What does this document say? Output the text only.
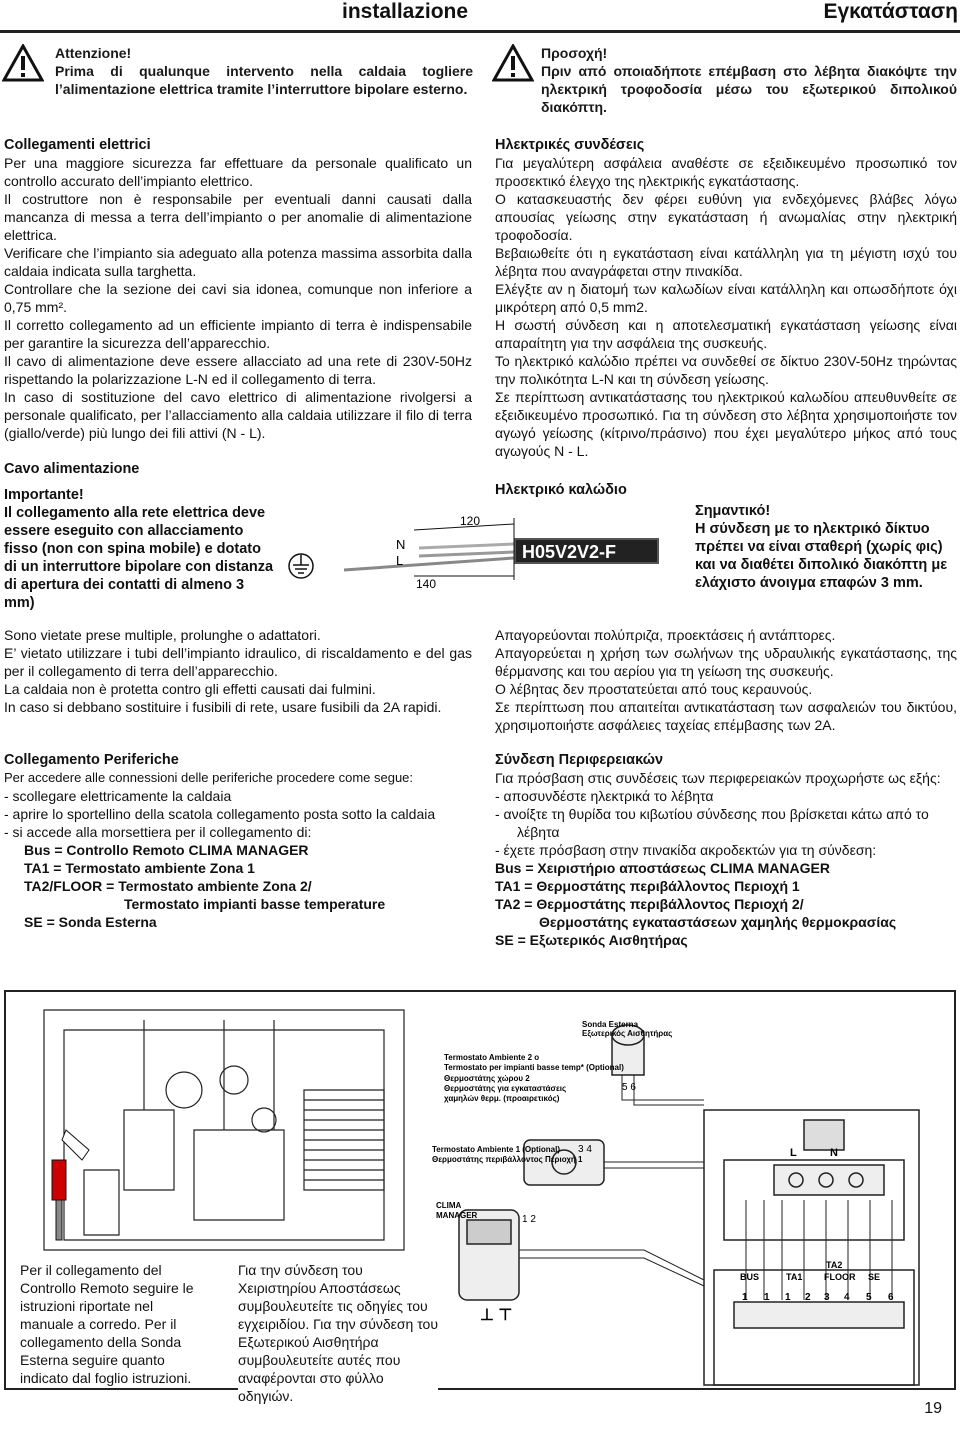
installazione	Εγκατάσταση
Attenzione!

Prima di qualunque intervento nella caldaia togliere l’alimentazione elettrica tramite l’interruttore bipolare esterno.

Προσοχή!

Πριν από οποιαδήποτε επέμβαση στο λέβητα διακόψτε την ηλεκτρική τροφοδοσία μέσω του εξωτερικού διπολικού διακόπτη.

Collegamenti elettrici

Per una maggiore sicurezza far effettuare da personale qualificato un controllo accurato dell’impianto elettrico.

Il costruttore non è responsabile per eventuali danni causati dalla mancanza di messa a terra dell’impianto o per anomalie di alimentazione elettrica.

Verificare che l’impianto sia adeguato alla potenza massima assorbita dalla caldaia indicata sulla targhetta.

Controllare che la sezione dei cavi sia idonea, comunque non inferiore a 0,75 mm².

Il corretto collegamento ad un efficiente impianto di terra è indispensabile per garantire la sicurezza dell’apparecchio.

Il cavo di alimentazione deve essere allacciato ad una rete di 230V-50Hz rispettando la polarizzazione L-N ed il collegamento di terra.

In caso di sostituzione del cavo elettrico di alimentazione rivolgersi a personale qualificato, per l’allacciamento alla caldaia utilizzare il filo di terra (giallo/verde) più lungo dei fili attivi (N - L).

Ηλεκτρικές συνδέσεις

Για μεγαλύτερη ασφάλεια αναθέστε σε εξειδικευμένο προσωπικό τον προσεκτικό έλεγχο της ηλεκτρικής εγκατάστασης.

Ο κατασκευαστής δεν φέρει ευθύνη για ενδεχόμενες βλάβες λόγω απουσίας γείωσης στην εγκατάσταση ή ανωμαλίας στην ηλεκτρική τροφοδοσία.

Βεβαιωθείτε ότι η εγκατάσταση είναι κατάλληλη για τη μέγιστη ισχύ του λέβητα που αναγράφεται στην πινακίδα.

Ελέγξτε αν η διατομή των καλωδίων είναι κατάλληλη και οπωσδήποτε όχι μικρότερη από 0,5 mm2.

Η σωστή σύνδεση και η αποτελεσματική εγκατάσταση γείωσης είναι απαραίτητη για την ασφάλεια της συσκευής.

Το ηλεκτρικό καλώδιο πρέπει να συνδεθεί σε δίκτυο 230V-50Hz τηρώντας την πολικότητα L-N και τη σύνδεση γείωσης.

Σε περίπτωση αντικατάστασης του ηλεκτρικού καλωδίου απευθυνθείτε σε εξειδικευμένο προσωπικό. Για τη σύνδεση στο λέβητα χρησιμοποιήστε τον αγωγό γείωσης (κίτρινο/πράσινο) που έχει μεγαλύτερο μήκος από τους αγωγούς N - L.

Cavo alimentazione
Importante!
Il collegamento alla rete elettrica deve essere eseguito con allacciamento fisso (non con spina mobile) e dotato di un interruttore bipolare con distanza di apertura dei contatti di almeno 3 mm)
Ηλεκτρικό καλώδιο
Σημαντικό!
Η σύνδεση με το ηλεκτρικό δίκτυο πρέπει να είναι σταθερή (χωρίς φις) και να διαθέτει διπολικό διακόπτη με ελάχιστο άνοιγμα επαφών 3 mm.
N
L
120
140
H05V2V2-F

Sono vietate prese multiple, prolunghe o adattatori.

E’ vietato utilizzare i tubi dell’impianto idraulico, di riscaldamento e del gas per il collegamento di terra dell’apparecchio.

La caldaia non è protetta contro gli effetti causati dai fulmini.

In caso si debbano sostituire i fusibili di rete, usare fusibili da 2A rapidi.

Απαγορεύονται πολύπριζα, προεκτάσεις ή αντάπτορες.

Απαγορεύεται η χρήση των σωλήνων της υδραυλικής εγκατάστασης, της θέρμανσης και του αερίου για τη γείωση της συσκευής.

Ο λέβητας δεν προστατεύεται από τους κεραυνούς.

Σε περίπτωση που απαιτείται αντικατάσταση των ασφαλειών του δικτύου, χρησιμοποιήστε ασφάλειες ταχείας επέμβασης των 2A.

Collegamento Periferiche
Per accedere alle connessioni delle periferiche procedere come segue:
- scollegare elettricamente la caldaia
- aprire lo sportellino della scatola collegamento posta sotto la caldaia
- si accede alla morsettiera per il collegamento di:
Bus = Controllo Remoto CLIMA MANAGER
TA1 = Termostato ambiente Zona 1
TA2/FLOOR = Termostato ambiente Zona 2/
Termostato impianti basse temperature
SE = Sonda Esterna
Σύνδεση Περιφερειακών
Για πρόσβαση στις συνδέσεις των περιφερειακών προχωρήστε ως εξής:
- αποσυνδέστε ηλεκτρικά το λέβητα
- ανοίξτε τη θυρίδα του κιβωτίου σύνδεσης που βρίσκεται κάτω από το λέβητα
- έχετε πρόσβαση στην πινακίδα ακροδεκτών για τη σύνδεση:
Bus = Χειριστήριο αποστάσεως CLIMA MANAGER
TA1 = Θερμοστάτης περιβάλλοντος Περιοχή 1
TA2 = Θερμοστάτης περιβάλλοντος Περιοχή 2/
Θερμοστάτης εγκαταστάσεων χαμηλής θερμοκρασίας
SE = Εξωτερικός Αισθητήρας
Sonda Esterna
Εξωτερικός Αισθητήρας
Termostato Ambiente 2 o
Termostato per impianti basse temp* (Optional)
Θερμοστάτης χώρου 2
Θερμοστάτης για εγκαταστάσεις
χαμηλών θερμ. (προαιρετικός)
Termostato Ambiente 1 (Optional)
Θερμοστάτης περιβάλλοντος Περιοχή 1
CLIMA
MANAGER
5 6
3 4
1 2
⊥ ⊤
L	N
BUS	TA1
TA2
FLOOR SE
1 1 1 2 3 4 5 6
Per il collegamento del Controllo Remoto seguire le istruzioni riportate nel manuale a corredo. Per il collegamento della Sonda Esterna seguire quanto indicato dal foglio istruzioni.
Για την σύνδεση του Χειριστηρίου Αποστάσεως συμβουλευτείτε τις οδηγίες του εγχειριδίου. Για την σύνδεση του Εξωτερικού Αισθητήρα συμβουλευτείτε αυτές που αναφέρονται στο φύλλο οδηγιών.
19
